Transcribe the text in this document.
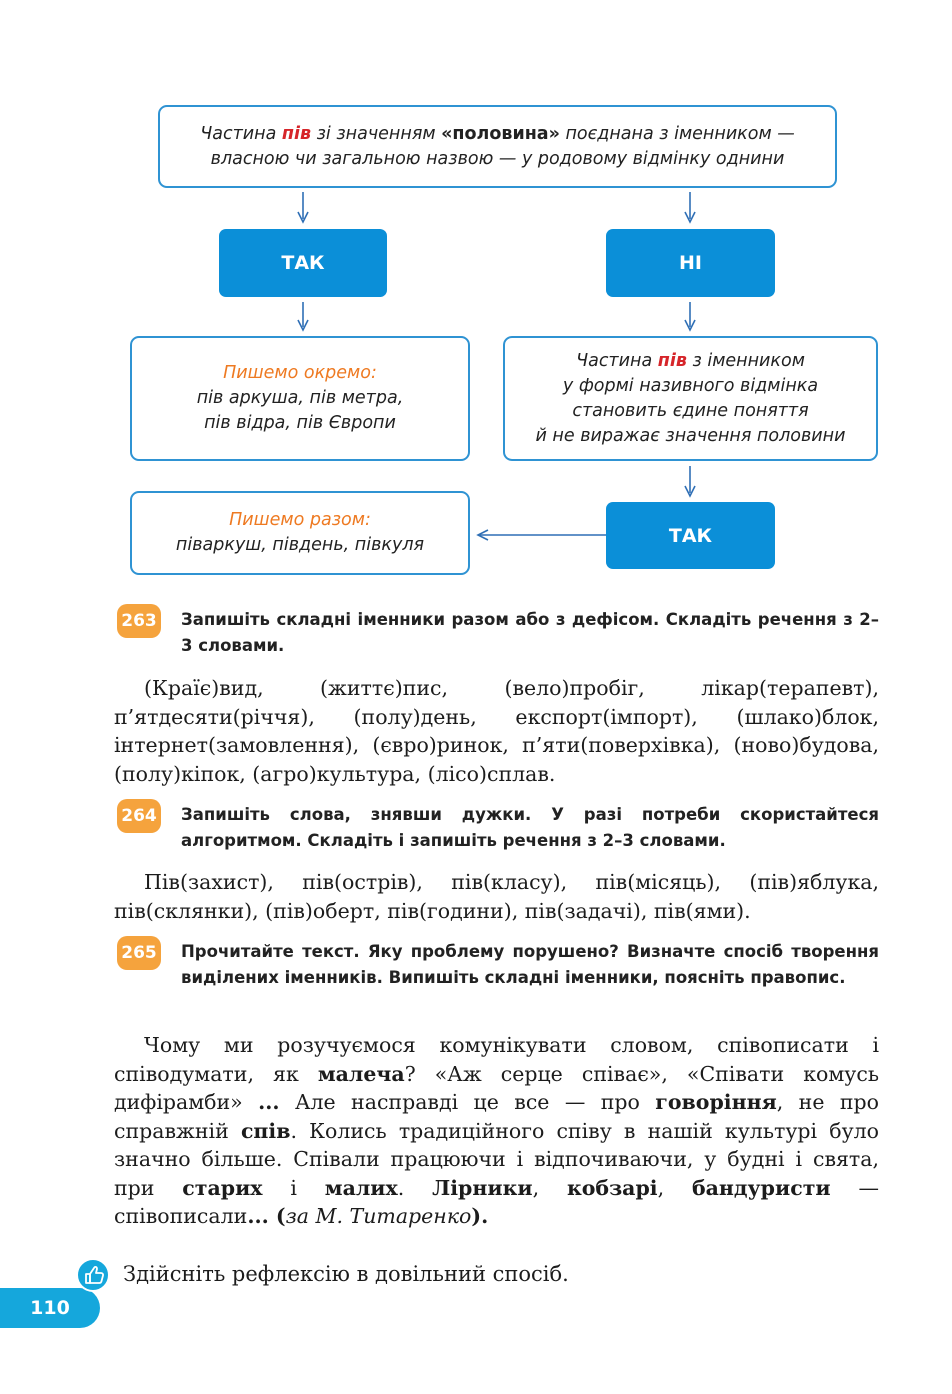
Частина пів зі значенням «половина» поєднана з іменником —
власною чи загальною назвою — у родовому відмінку однини
ТАК	НІ
Пишемо окремо:
пів аркуша, пів метра,
пів відра, пів Європи
Частина пів з іменником
у формі називного відмінка
становить єдине поняття
й не виражає значення половини
Пишемо разом:
піваркуш, південь, півкуля	ТАК
263 Запишіть складні іменники разом або з дефісом. Складіть речення з 2–3 словами.

(Країє)вид, (життє)пис, (вело)пробіг, лікар(терапевт), п’ятдесяти(річчя), (полу)день, експорт(імпорт), (шлако)блок, інтернет(замовлення), (євро)ринок, п’яти(поверхівка), (ново)будова, (полу)кіпок, (агро)культура, (лісо)сплав.

264 Запишіть слова, знявши дужки. У разі потреби скористайтеся алгоритмом. Складіть і запишіть речення з 2–3 словами.

Пів(захист), пів(острів), пів(класу), пів(місяць), (пів)яблука, пів(склянки), (пів)оберт, пів(години), пів(задачі), пів(ями).

265 Прочитайте текст. Яку проблему порушено? Визначте спосіб творення виділених іменників. Випишіть складні іменники, поясніть правопис.

Чому ми розучуємося комунікувати словом, співописати і співодумати, як малеча? «Аж серце співає», «Співати комусь дифірамби» ... Але насправді це все — про говоріння, не про справжній спів. Колись традиційного співу в нашій культурі було значно більше. Співали працюючи і відпочиваючи, у будні і свята, при старих і малих. Лірники, кобзарі, бандуристи — співописали... (за М. Титаренко).

110
Здійсніть рефлексію в довільний спосіб.
